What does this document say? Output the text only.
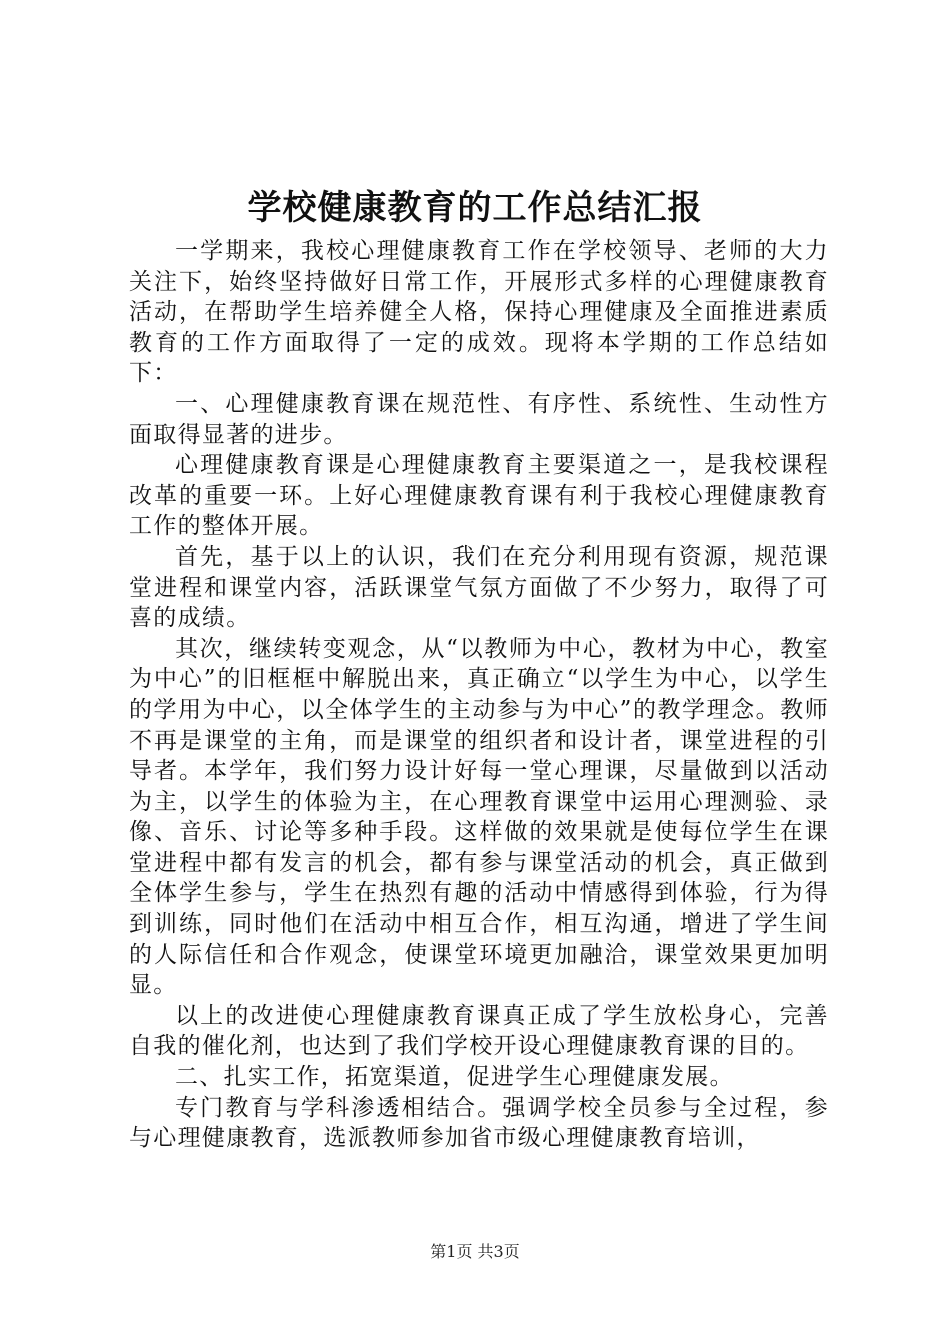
学校健康教育的工作总结汇报

一学期来，我校心理健康教育工作在学校领导、老师的大力关注下，始终坚持做好日常工作，开展形式多样的心理健康教育活动，在帮助学生培养健全人格，保持心理健康及全面推进素质教育的工作方面取得了一定的成效。现将本学期的工作总结如下：

一、心理健康教育课在规范性、有序性、系统性、生动性方面取得显著的进步。

心理健康教育课是心理健康教育主要渠道之一，是我校课程改革的重要一环。上好心理健康教育课有利于我校心理健康教育工作的整体开展。

首先，基于以上的认识，我们在充分利用现有资源，规范课堂进程和课堂内容，活跃课堂气氛方面做了不少努力，取得了可喜的成绩。

其次，继续转变观念，从“以教师为中心，教材为中心，教室为中心”的旧框框中解脱出来，真正确立“以学生为中心，以学生的学用为中心，以全体学生的主动参与为中心”的教学理念。教师不再是课堂的主角，而是课堂的组织者和设计者，课堂进程的引导者。本学年，我们努力设计好每一堂心理课，尽量做到以活动为主，以学生的体验为主，在心理教育课堂中运用心理测验、录像、音乐、讨论等多种手段。这样做的效果就是使每位学生在课堂进程中都有发言的机会，都有参与课堂活动的机会，真正做到全体学生参与，学生在热烈有趣的活动中情感得到体验，行为得到训练，同时他们在活动中相互合作，相互沟通，增进了学生间的人际信任和合作观念，使课堂环境更加融洽，课堂效果更加明显。

以上的改进使心理健康教育课真正成了学生放松身心，完善自我的催化剂，也达到了我们学校开设心理健康教育课的目的。

二、扎实工作，拓宽渠道，促进学生心理健康发展。

专门教育与学科渗透相结合。强调学校全员参与全过程，参与心理健康教育，选派教师参加省市级心理健康教育培训，

第1页 共3页
